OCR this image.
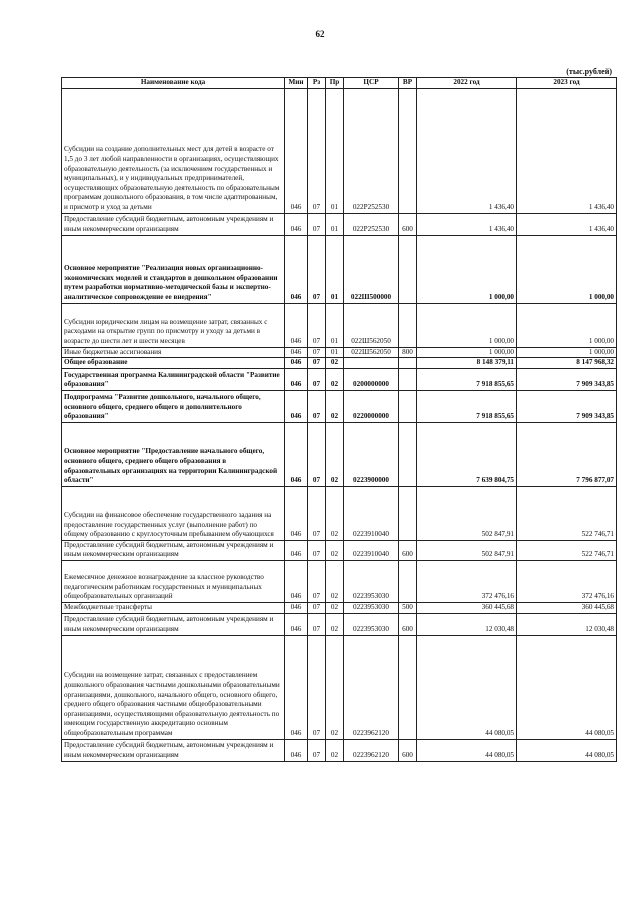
62
(тыс.рублей)
Наименование кода	Мин	Рз	Пр	ЦСР	ВР	2022 год	2023 год
Субсидии на создание дополнительных мест для детей в возрасте от 1,5 до 3 лет любой направленности в организациях, осуществляющих образовательную деятельность (за исключением государственных и муниципальных), и у индивидуальных предпринимателей, осуществляющих образовательную деятельность по образовательным программам дошкольного образования, в том числе адаптированным, и присмотр и уход за детьми	046	07	01	022P252530		1 436,40	1 436,40
Предоставление субсидий бюджетным, автономным учреждениям и иным некоммерческим организациям	046	07	01	022P252530	600	1 436,40	1 436,40
Основное мероприятие "Реализация новых организационно-экономических моделей и стандартов в дошкольном образовании путем разработки нормативно-методической базы и экспертно-аналитическое сопровождение ее внедрения"	046	07	01	022Ш500000		1 000,00	1 000,00
Субсидии юридическим лицам на возмещение затрат, связанных с расходами на открытие групп по присмотру и уходу за детьми в возрасте до шести лет и шести месяцев	046	07	01	022Ш562050		1 000,00	1 000,00
Иные бюджетные ассигнования	046	07	01	022Ш562050	800	1 000,00	1 000,00
Общее образование	046	07	02			8 148 379,11	8 147 968,32
Государственная программа Калининградской области "Развитие образования"	046	07	02	0200000000		7 918 855,65	7 909 343,85
Подпрограмма "Развитие дошкольного, начального общего, основного общего, среднего общего и дополнительного образования"	046	07	02	0220000000		7 918 855,65	7 909 343,85
Основное мероприятие "Предоставление начального общего, основного общего, среднего общего образования в образовательных организациях на территории Калининградской области"	046	07	02	0223900000		7 639 804,75	7 796 877,07
Субсидии на финансовое обеспечение государственного задания на предоставление государственных услуг (выполнение работ) по общему образованию с круглосуточным пребыванием обучающихся	046	07	02	0223910040		502 847,91	522 746,71
Предоставление субсидий бюджетным, автономным учреждениям и иным некоммерческим организациям	046	07	02	0223910040	600	502 847,91	522 746,71
Ежемесячное денежное вознаграждение за классное руководство педагогическим работникам государственных и муниципальных общеобразовательных организаций	046	07	02	0223953030		372 476,16	372 476,16
Межбюджетные трансферты	046	07	02	0223953030	500	360 445,68	360 445,68
Предоставление субсидий бюджетным, автономным учреждениям и иным некоммерческим организациям	046	07	02	0223953030	600	12 030,48	12 030,48
Субсидии на возмещение затрат, связанных с предоставлением дошкольного образования частными дошкольными образовательными организациями, дошкольного, начального общего, основного общего, среднего общего образования частными общеобразовательными организациями, осуществляющими образовательную деятельность по имеющим государственную аккредитацию основным общеобразовательным программам	046	07	02	0223962120		44 080,05	44 080,05
Предоставление субсидий бюджетным, автономным учреждениям и иным некоммерческим организациям	046	07	02	0223962120	600	44 080,05	44 080,05
